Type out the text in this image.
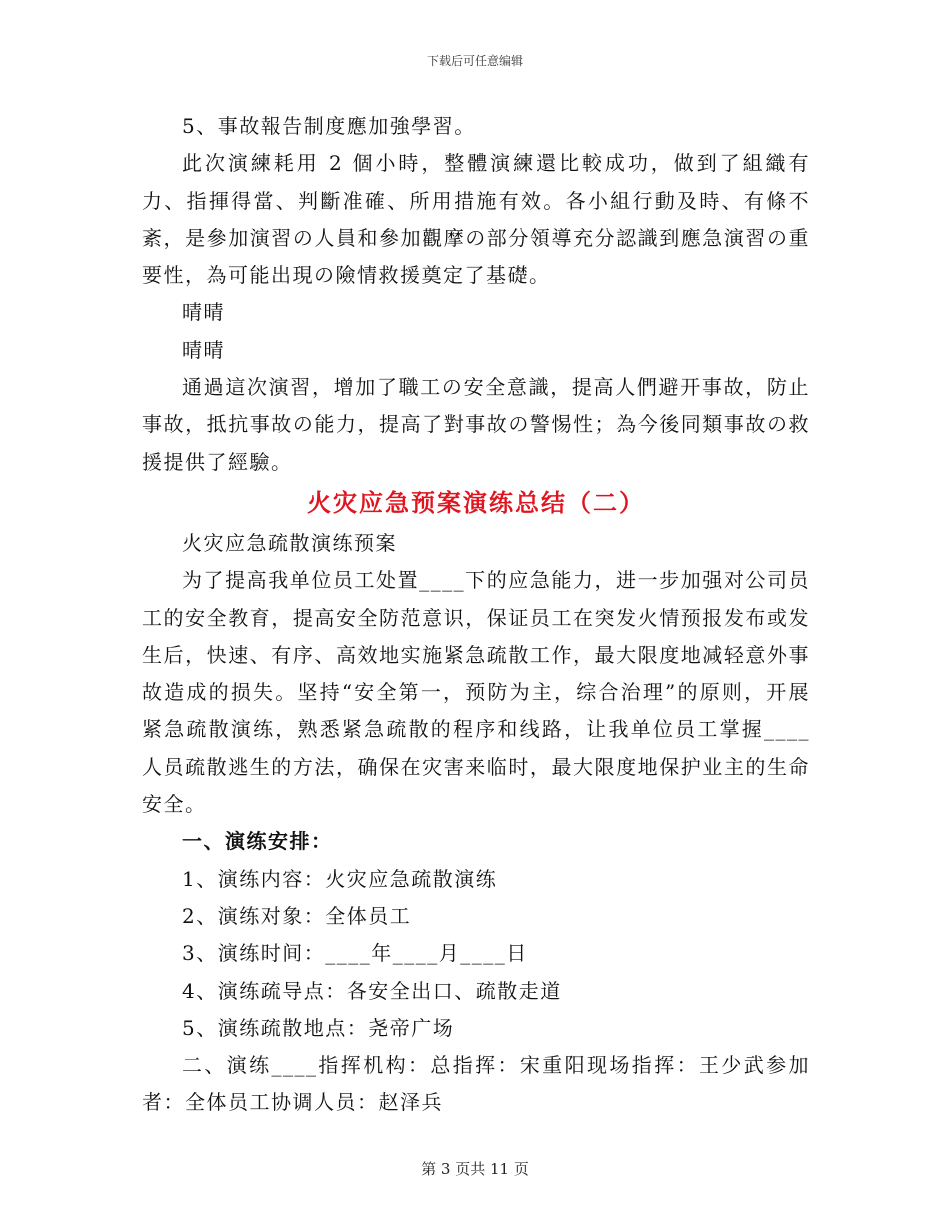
下载后可任意编辑

5、事故報告制度應加強學習。

此次演練耗用 2 個小時，整體演練還比較成功，做到了組織有力、指揮得當、判斷准確、所用措施有效。各小組行動及時、有條不紊，是參加演習の人員和參加觀摩の部分領導充分認識到應急演習の重要性，為可能出現の險情救援奠定了基礎。

晴晴

晴晴

通過這次演習，增加了職工の安全意識，提高人們避开事故，防止事故，抵抗事故の能力，提高了對事故の警惕性；為今後同類事故の救援提供了經驗。

火灾应急预案演练总结（二）

火灾应急疏散演练预案

为了提高我单位员工处置____下的应急能力，进一步加强对公司员工的安全教育，提高安全防范意识，保证员工在突发火情预报发布或发生后，快速、有序、高效地实施紧急疏散工作，最大限度地减轻意外事故造成的损失。坚持“安全第一，预防为主，综合治理”的原则，开展紧急疏散演练，熟悉紧急疏散的程序和线路，让我单位员工掌握____人员疏散逃生的方法，确保在灾害来临时，最大限度地保护业主的生命安全。

一、演练安排：

1、演练内容：火灾应急疏散演练

2、演练对象：全体员工

3、演练时间：____年____月____日

4、演练疏导点：各安全出口、疏散走道

5、演练疏散地点：尧帝广场

二、演练____指挥机构：总指挥：宋重阳现场指挥：王少武参加者：全体员工协调人员：赵泽兵

第 3 页共 11 页
